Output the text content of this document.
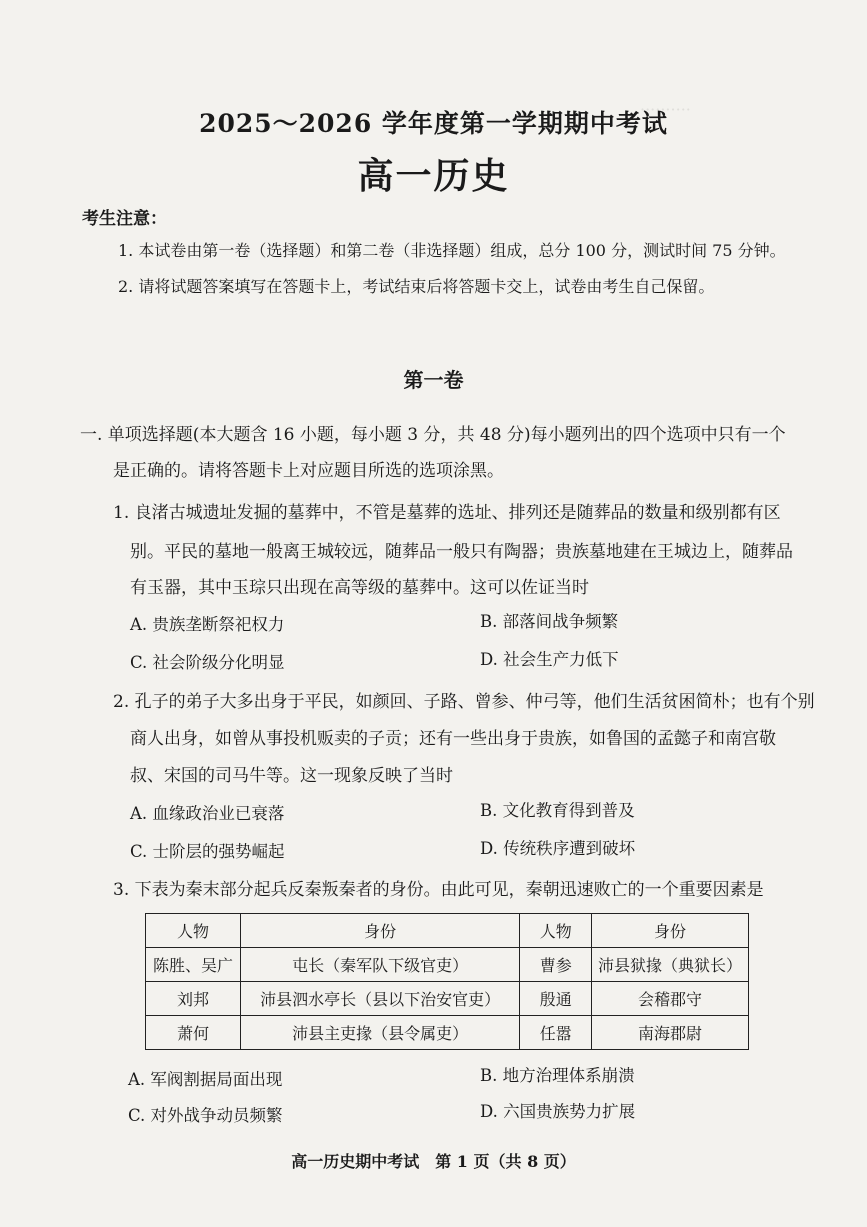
··········
2025～2026 学年度第一学期期中考试
高一历史
考生注意：
1. 本试卷由第一卷（选择题）和第二卷（非选择题）组成，总分 100 分，测试时间 75 分钟。
2. 请将试题答案填写在答题卡上，考试结束后将答题卡交上，试卷由考生自己保留。
第一卷
一. 单项选择题(本大题含 16 小题，每小题 3 分，共 48 分)每小题列出的四个选项中只有一个
是正确的。请将答题卡上对应题目所选的选项涂黑。
1. 良渚古城遗址发掘的墓葬中，不管是墓葬的选址、排列还是随葬品的数量和级别都有区
别。平民的墓地一般离王城较远，随葬品一般只有陶器；贵族墓地建在王城边上，随葬品
有玉器，其中玉琮只出现在高等级的墓葬中。这可以佐证当时
A. 贵族垄断祭祀权力	B. 部落间战争频繁
C. 社会阶级分化明显	D. 社会生产力低下
2. 孔子的弟子大多出身于平民，如颜回、子路、曾参、仲弓等，他们生活贫困简朴；也有个别
商人出身，如曾从事投机贩卖的子贡；还有一些出身于贵族，如鲁国的孟懿子和南宫敬
叔、宋国的司马牛等。这一现象反映了当时
A. 血缘政治业已衰落	B. 文化教育得到普及
C. 士阶层的强势崛起	D. 传统秩序遭到破坏
3. 下表为秦末部分起兵反秦叛秦者的身份。由此可见，秦朝迅速败亡的一个重要因素是
人物	身份	人物	身份
陈胜、吴广	屯长（秦军队下级官吏）	曹参	沛县狱掾（典狱长）
刘邦	沛县泗水亭长（县以下治安官吏）	殷通	会稽郡守
萧何	沛县主吏掾（县令属吏）	任嚣	南海郡尉
A. 军阀割据局面出现	B. 地方治理体系崩溃
C. 对外战争动员频繁	D. 六国贵族势力扩展
高一历史期中考试　第 1 页（共 8 页）
